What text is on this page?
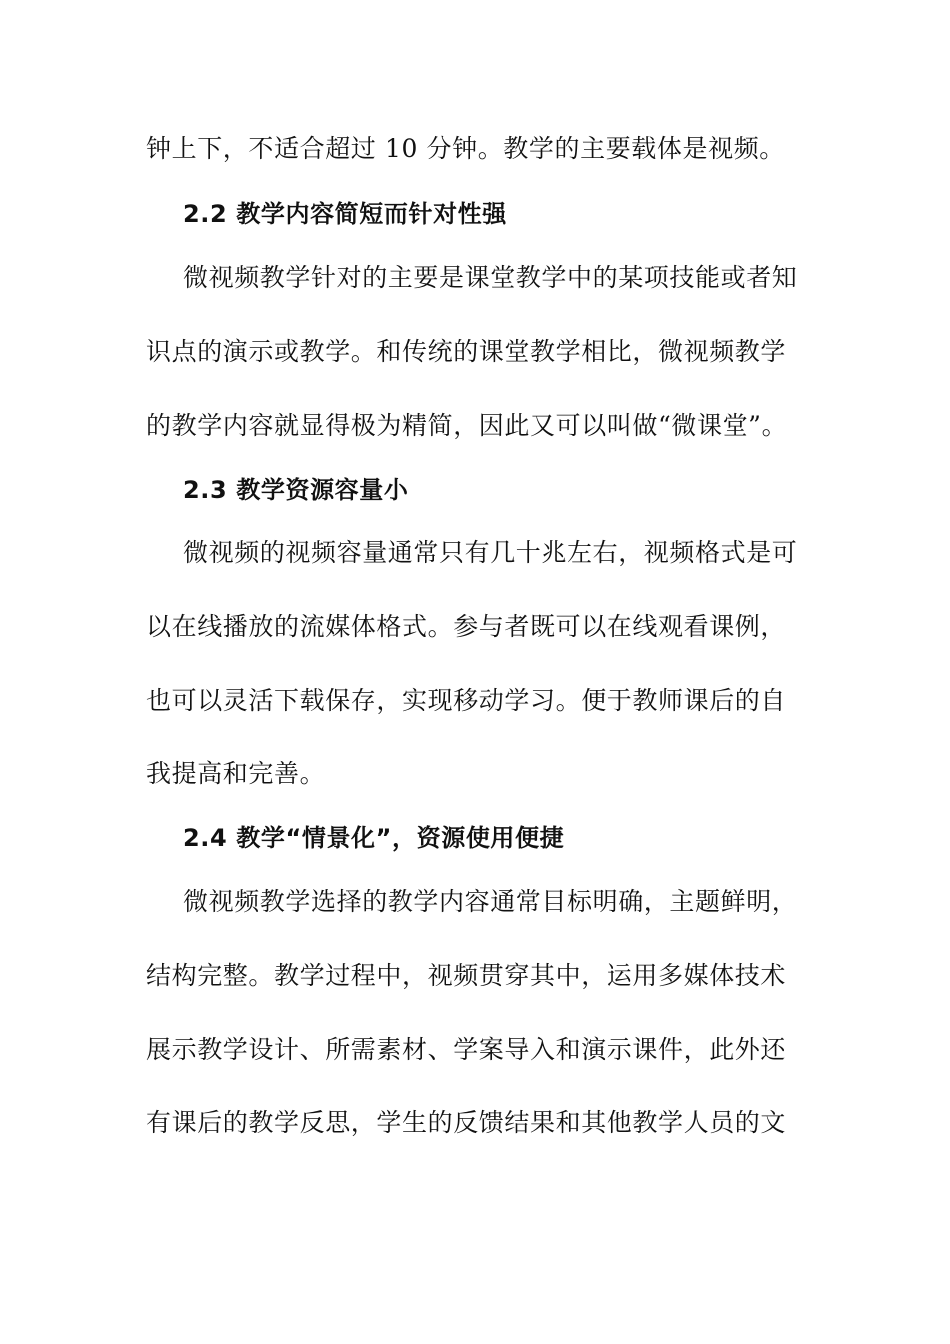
钟上下，不适合超过 10 分钟。教学的主要载体是视频。
2.2 教学内容简短而针对性强
微视频教学针对的主要是课堂教学中的某项技能或者知
识点的演示或教学。和传统的课堂教学相比，微视频教学
的教学内容就显得极为精简，因此又可以叫做“微课堂”。
2.3 教学资源容量小
微视频的视频容量通常只有几十兆左右，视频格式是可
以在线播放的流媒体格式。参与者既可以在线观看课例，
也可以灵活下载保存，实现移动学习。便于教师课后的自
我提高和完善。
2.4 教学“情景化”，资源使用便捷
微视频教学选择的教学内容通常目标明确，主题鲜明，
结构完整。教学过程中，视频贯穿其中，运用多媒体技术
展示教学设计、所需素材、学案导入和演示课件，此外还
有课后的教学反思，学生的反馈结果和其他教学人员的文
